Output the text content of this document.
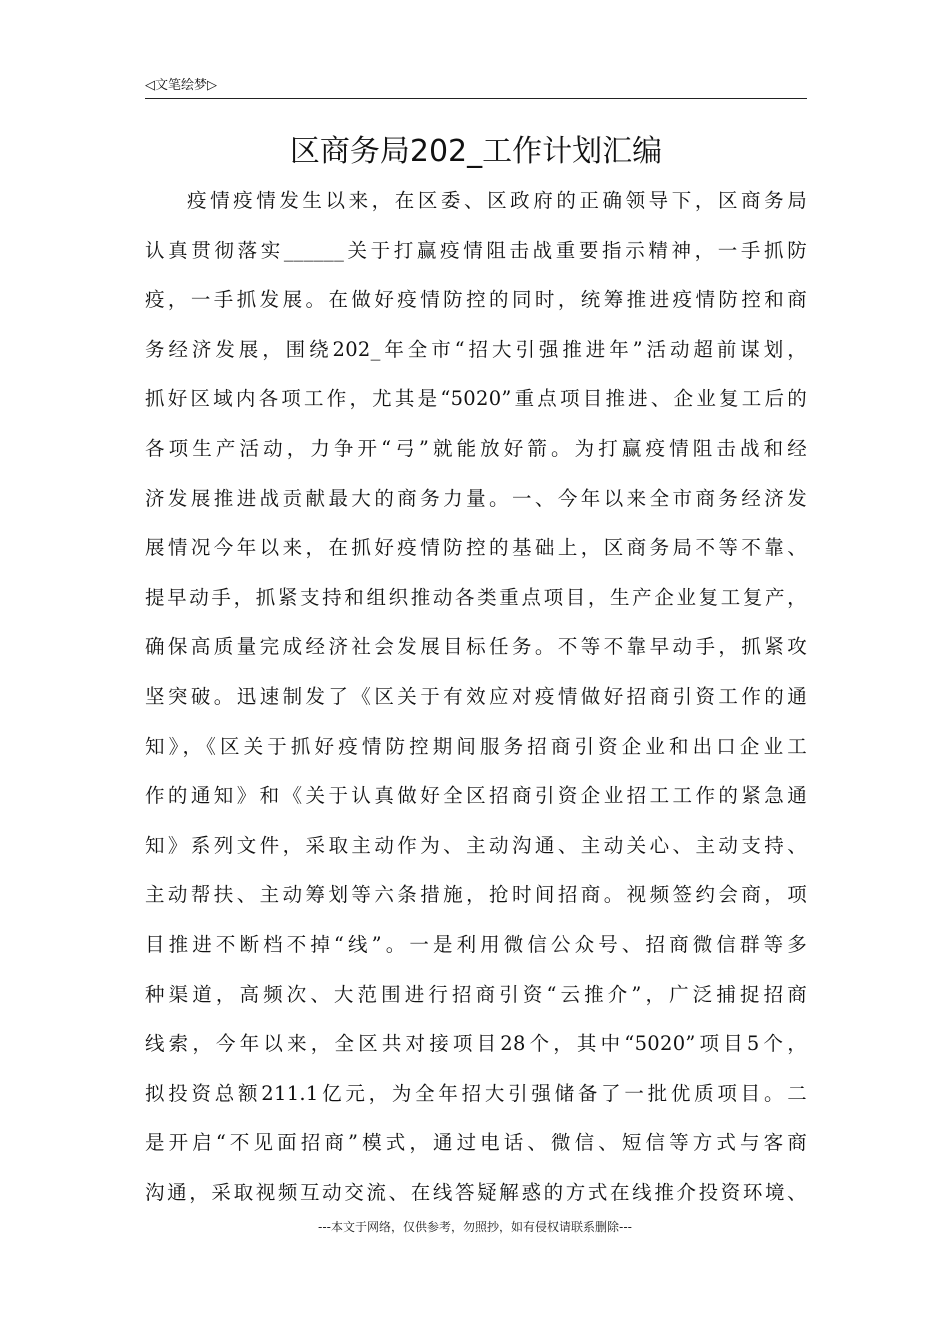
◁文笔绘梦▷
区商务局202_工作计划汇编
疫情疫情发生以来，在区委、区政府的正确领导下，区商务局
认真贯彻落实______关于打赢疫情阻击战重要指示精神，一手抓防
疫，一手抓发展。在做好疫情防控的同时，统筹推进疫情防控和商
务经济发展，围绕202_年全市“招大引强推进年”活动超前谋划，
抓好区域内各项工作，尤其是“5020”重点项目推进、企业复工后的
各项生产活动，力争开“弓”就能放好箭。为打赢疫情阻击战和经
济发展推进战贡献最大的商务力量。一、今年以来全市商务经济发
展情况今年以来，在抓好疫情防控的基础上，区商务局不等不靠、
提早动手，抓紧支持和组织推动各类重点项目，生产企业复工复产，
确保高质量完成经济社会发展目标任务。不等不靠早动手，抓紧攻
坚突破。迅速制发了《区关于有效应对疫情做好招商引资工作的通
知》，《区关于抓好疫情防控期间服务招商引资企业和出口企业工
作的通知》和《关于认真做好全区招商引资企业招工工作的紧急通
知》系列文件，采取主动作为、主动沟通、主动关心、主动支持、
主动帮扶、主动筹划等六条措施，抢时间招商。视频签约会商，项
目推进不断档不掉“线”。一是利用微信公众号、招商微信群等多
种渠道，高频次、大范围进行招商引资“云推介”，广泛捕捉招商
线索，今年以来，全区共对接项目28个，其中“5020”项目5个，
拟投资总额211.1亿元，为全年招大引强储备了一批优质项目。二
是开启“不见面招商”模式，通过电话、微信、短信等方式与客商
沟通，采取视频互动交流、在线答疑解惑的方式在线推介投资环境、
---本文于网络，仅供参考，勿照抄，如有侵权请联系删除---
